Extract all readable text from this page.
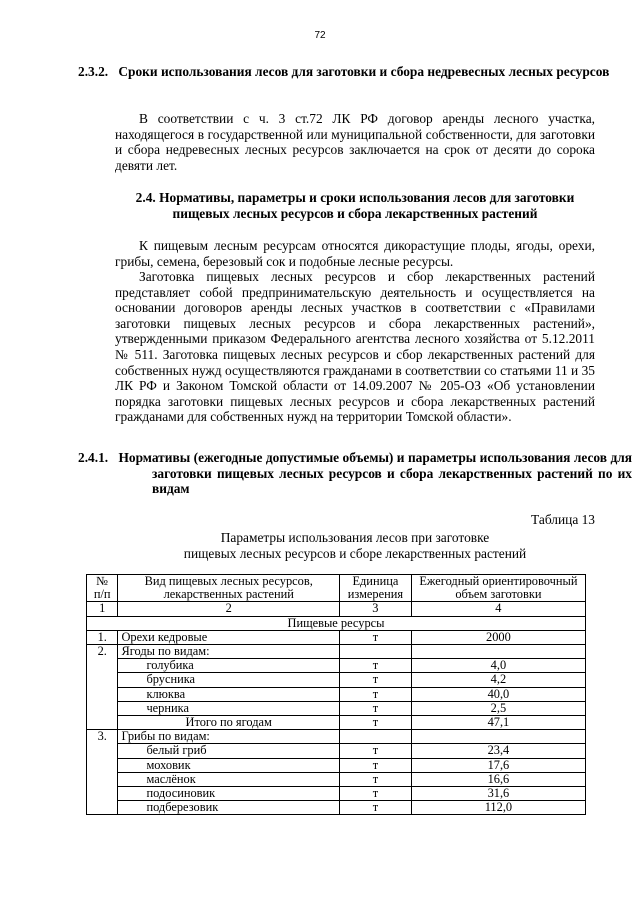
72
2.3.2. Сроки использования лесов для заготовки и сбора недревесных лесных ресурсов
В соответствии с ч. 3 ст.72 ЛК РФ договор аренды лесного участка, находящегося в государственной или муниципальной собственности, для заготовки и сбора недревесных лесных ресурсов заключается на срок от десяти до сорока девяти лет.
2.4. Нормативы, параметры и сроки использования лесов для заготовки пищевых лесных ресурсов и сбора лекарственных растений
К пищевым лесным ресурсам относятся дикорастущие плоды, ягоды, орехи, грибы, семена, березовый сок и подобные лесные ресурсы.
Заготовка пищевых лесных ресурсов и сбор лекарственных растений представляет собой предпринимательскую деятельность и осуществляется на основании договоров аренды лесных участков в соответствии с «Правилами заготовки пищевых лесных ресурсов и сбора лекарственных растений», утвержденными приказом Федерального агентства лесного хозяйства от 5.12.2011 № 511. Заготовка пищевых лесных ресурсов и сбор лекарственных растений для собственных нужд осуществляются гражданами в соответствии со статьями 11 и 35 ЛК РФ и Законом Томской области от 14.09.2007 № 205-ОЗ «Об установлении порядка заготовки пищевых лесных ресурсов и сбора лекарственных растений гражданами для собственных нужд на территории Томской области».
2.4.1. Нормативы (ежегодные допустимые объемы) и параметры использования лесов для заготовки пищевых лесных ресурсов и сбора лекарственных растений по их видам
Таблица 13
Параметры использования лесов при заготовке
пищевых лесных ресурсов и сборе лекарственных растений
№ п/п	Вид пищевых лесных ресурсов, лекарственных растений	Единица измерения	Ежегодный ориентировочный объем заготовки
1	2	3	4
Пищевые ресурсы			
1.	Орехи кедровые	т	2000
2.	Ягоды по видам:		
	голубика	т	4,0
	брусника	т	4,2
	клюква	т	40,0
	черника	т	2,5
	Итого по ягодам	т	47,1
3.	Грибы по видам:		
	белый гриб	т	23,4
	моховик	т	17,6
	маслёнок	т	16,6
	подосиновик	т	31,6
	подберезовик	т	112,0
